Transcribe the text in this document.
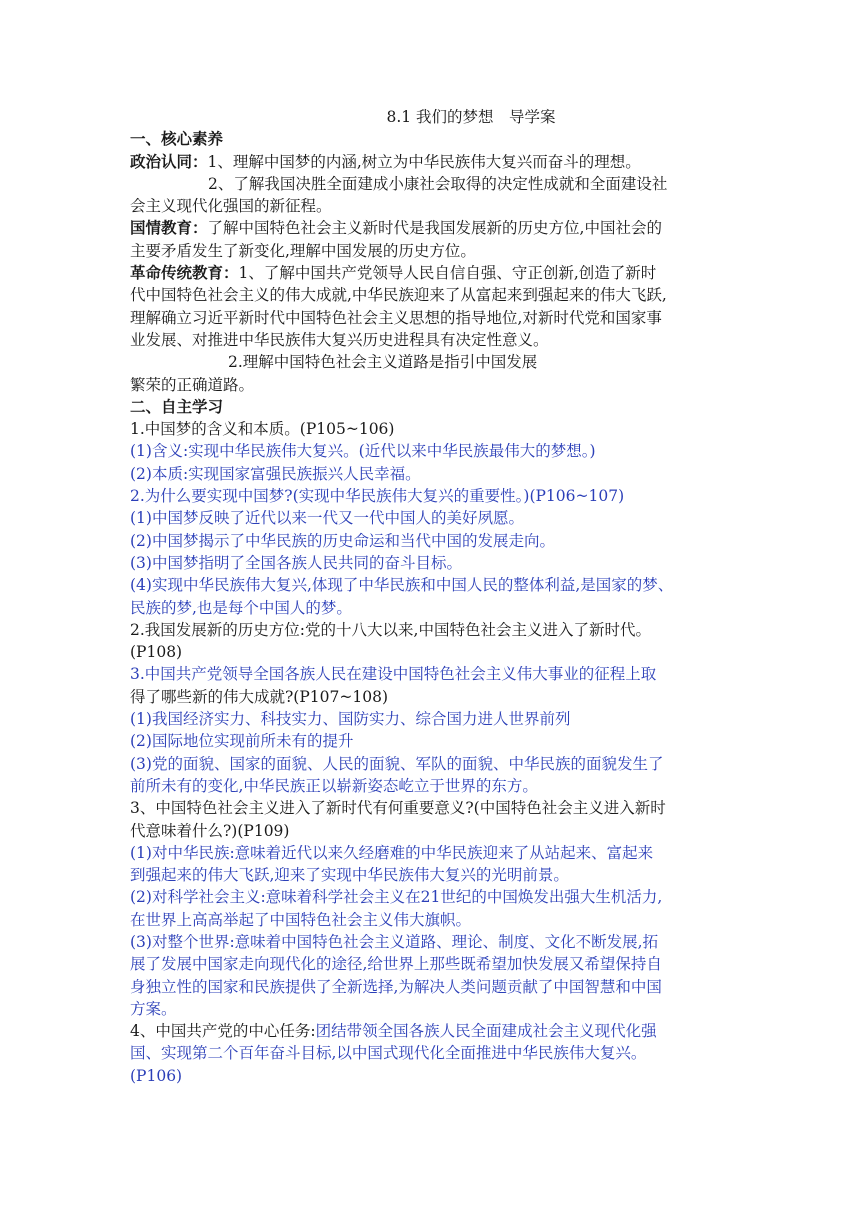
8.1 我们的梦想　导学案
一、核心素养
政治认同：1、理解中国梦的内涵,树立为中华民族伟大复兴而奋斗的理想。
2、了解我国决胜全面建成小康社会取得的决定性成就和全面建设社
会主义现代化强国的新征程。
国情教育：了解中国特色社会主义新时代是我国发展新的历史方位,中国社会的
主要矛盾发生了新变化,理解中国发展的历史方位。
革命传统教育：1、了解中国共产党领导人民自信自强、守正创新,创造了新时
代中国特色社会主义的伟大成就,中华民族迎来了从富起来到强起来的伟大飞跃,
理解确立习近平新时代中国特色社会主义思想的指导地位,对新时代党和国家事
业发展、对推进中华民族伟大复兴历史进程具有决定性意义。
2.理解中国特色社会主义道路是指引中国发展
繁荣的正确道路。
二、自主学习
1.中国梦的含义和本质。(P105~106)
(1)含义:实现中华民族伟大复兴。(近代以来中华民族最伟大的梦想。)
(2)本质:实现国家富强民族振兴人民幸福。
2.为什么要实现中国梦?(实现中华民族伟大复兴的重要性。)(P106~107)
(1)中国梦反映了近代以来一代又一代中国人的美好夙愿。
(2)中国梦揭示了中华民族的历史命运和当代中国的发展走向。
(3)中国梦指明了全国各族人民共同的奋斗目标。
(4)实现中华民族伟大复兴,体现了中华民族和中国人民的整体利益,是国家的梦、
民族的梦,也是每个中国人的梦。
2.我国发展新的历史方位:党的十八大以来,中国特色社会主义进入了新时代。
(P108)
3.中国共产党领导全国各族人民在建设中国特色社会主义伟大事业的征程上取
得了哪些新的伟大成就?(P107~108)
(1)我国经济实力、科技实力、国防实力、综合国力进人世界前列
(2)国际地位实现前所未有的提升
(3)党的面貌、国家的面貌、人民的面貌、军队的面貌、中华民族的面貌发生了
前所未有的变化,中华民族正以崭新姿态屹立于世界的东方。
3、中国特色社会主义进入了新时代有何重要意义?(中国特色社会主义进入新时
代意味着什么?)(P109)
(1)对中华民族:意味着近代以来久经磨难的中华民族迎来了从站起来、富起来
到强起来的伟大飞跃,迎来了实现中华民族伟大复兴的光明前景。
(2)对科学社会主义:意味着科学社会主义在21世纪的中国焕发出强大生机活力,
在世界上高高举起了中国特色社会主义伟大旗帜。
(3)对整个世界:意味着中国特色社会主义道路、理论、制度、文化不断发展,拓
展了发展中国家走向现代化的途径,给世界上那些既希望加快发展又希望保持自
身独立性的国家和民族提供了全新选择,为解决人类问题贡献了中国智慧和中国
方案。
4、中国共产党的中心任务:团结带领全国各族人民全面建成社会主义现代化强
国、实现第二个百年奋斗目标,以中国式现代化全面推进中华民族伟大复兴。
(P106)
